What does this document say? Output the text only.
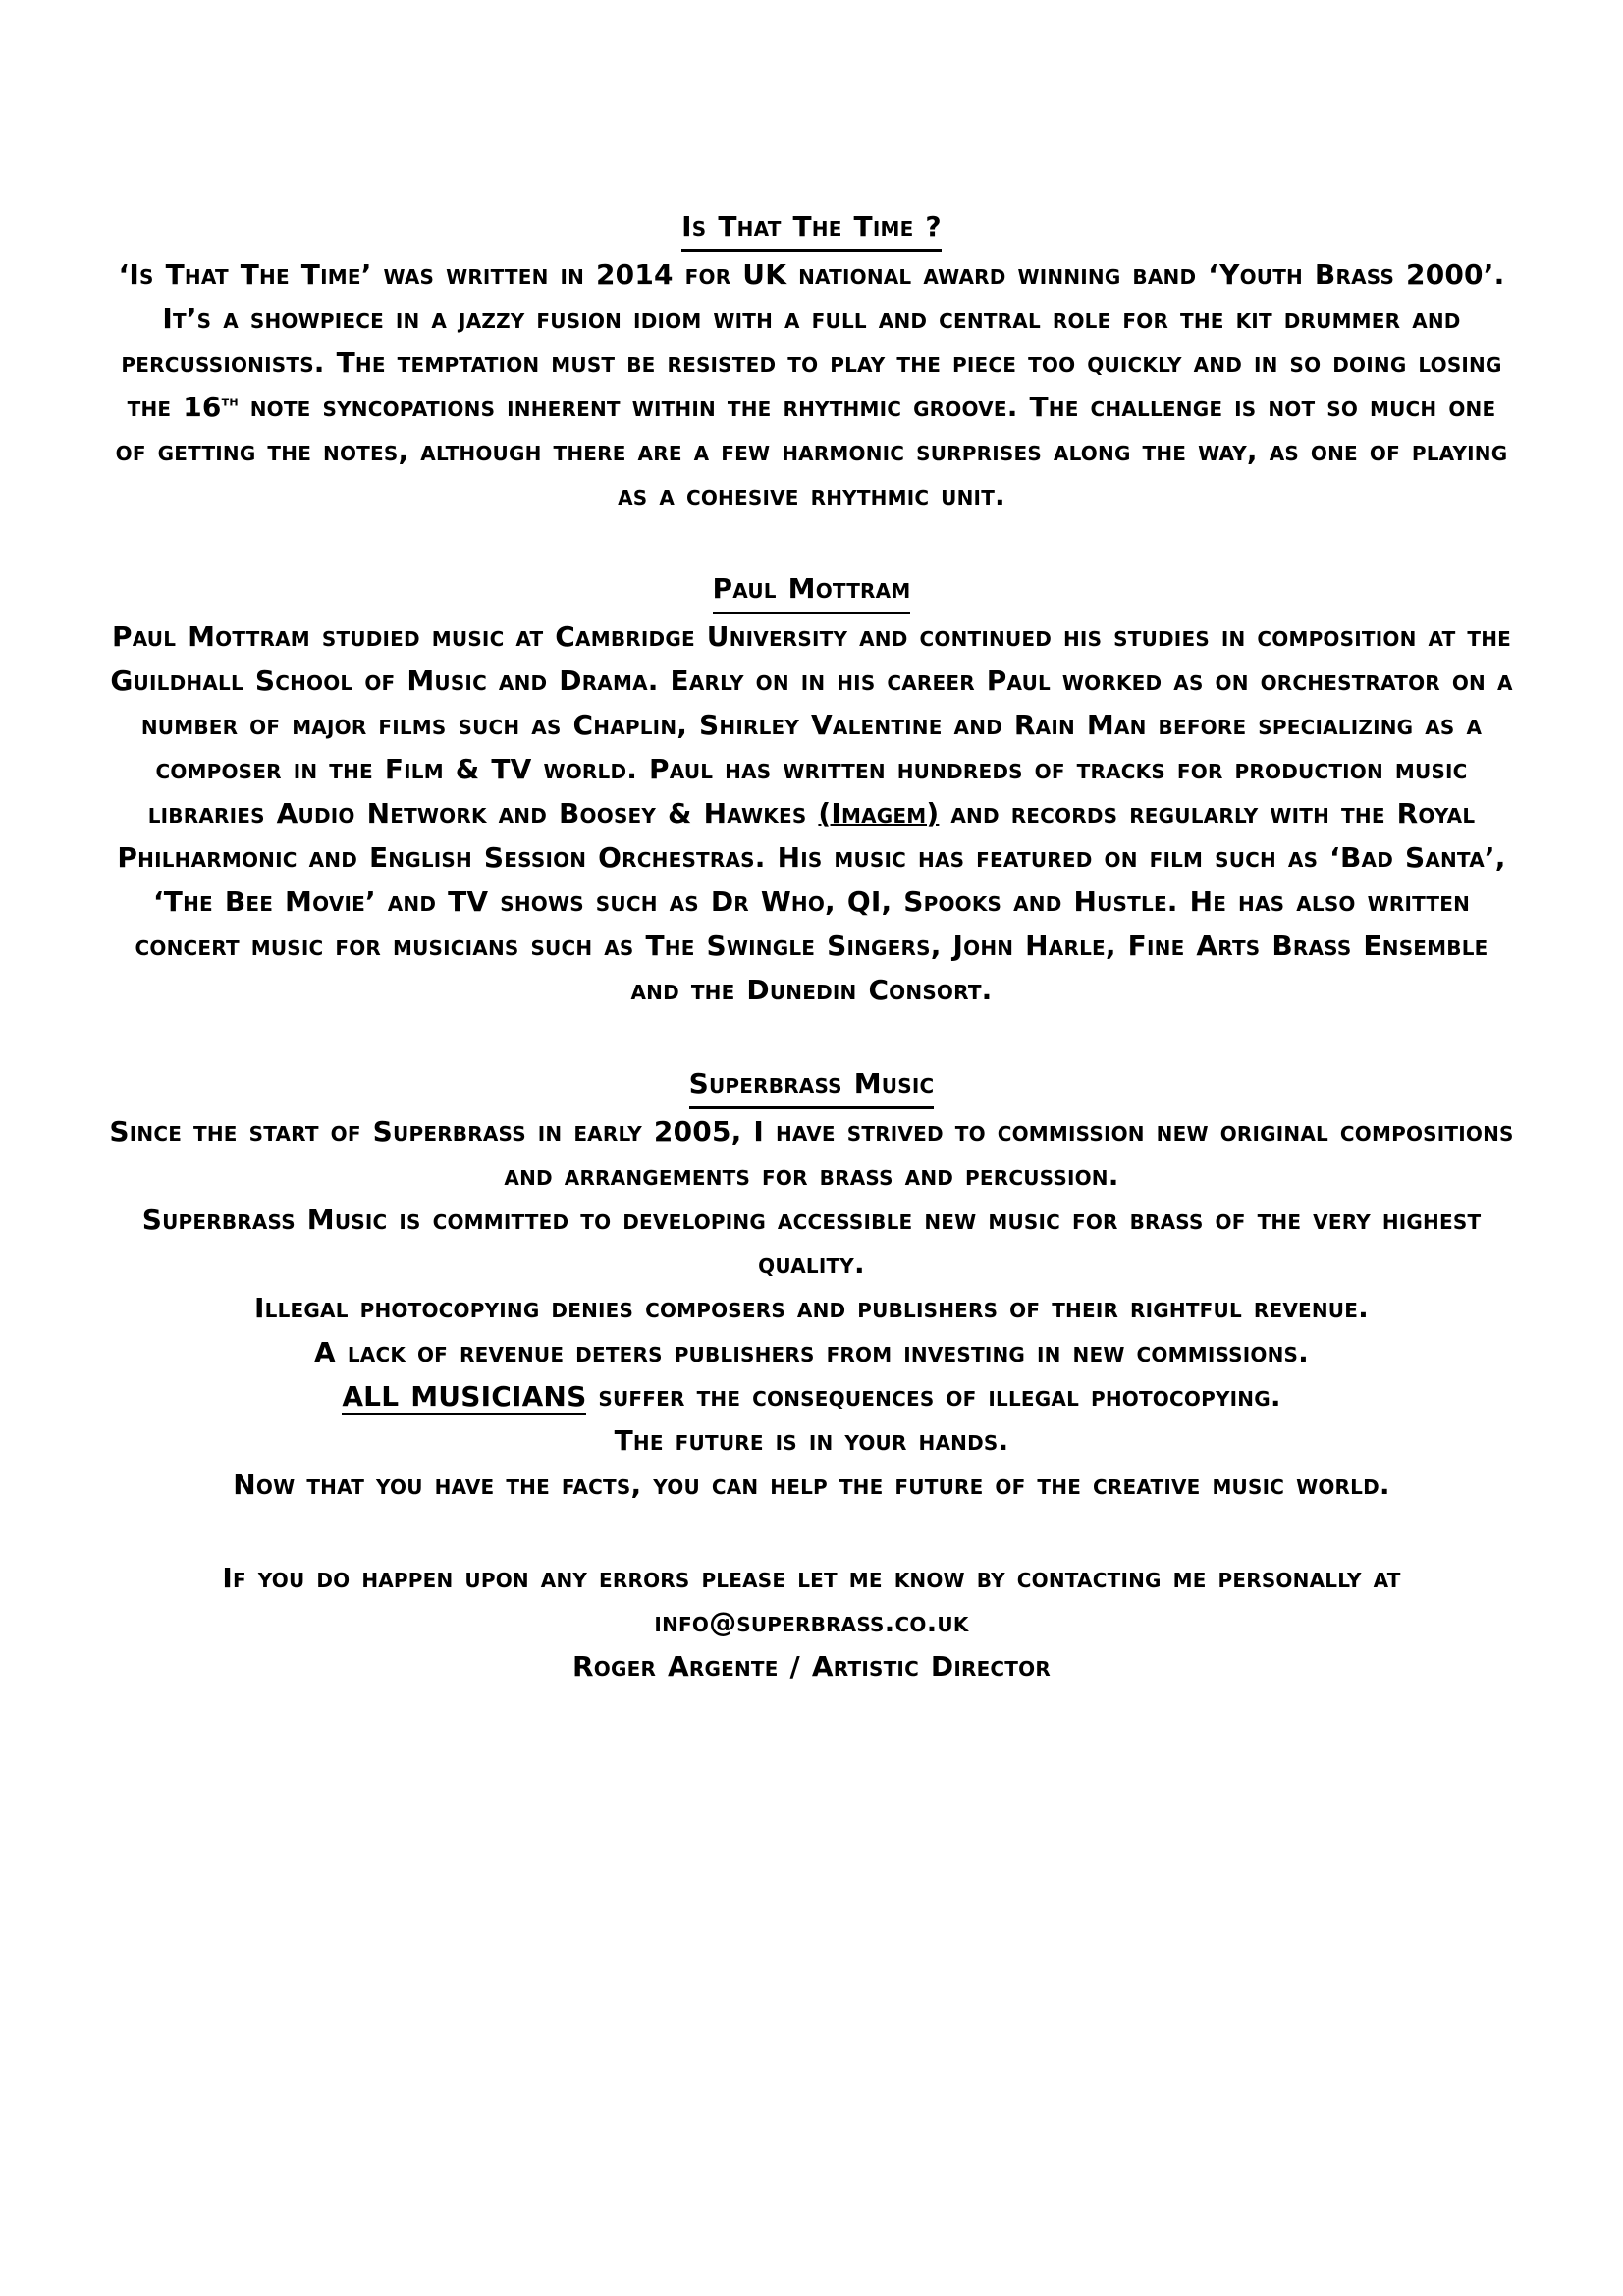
Is That The Time ?
‘Is That The Time’ was written in 2014 for UK national award winning band ‘Youth Brass 2000’. It’s a showpiece in a jazzy fusion idiom with a full and central role for the kit drummer and percussionists. The temptation must be resisted to play the piece too quickly and in so doing losing the 16th note syncopations inherent within the rhythmic groove. The challenge is not so much one of getting the notes, although there are a few harmonic surprises along the way, as one of playing as a cohesive rhythmic unit.
Paul Mottram
Paul Mottram studied music at Cambridge University and continued his studies in composition at the Guildhall School of Music and Drama. Early on in his career Paul worked as on orchestrator on a number of major films such as Chaplin, Shirley Valentine and Rain Man before specializing as a composer in the Film & TV world. Paul has written hundreds of tracks for production music libraries Audio Network and Boosey & Hawkes (Imagem) and records regularly with the Royal Philharmonic and English Session Orchestras. His music has featured on film such as ‘Bad Santa’, ‘The Bee Movie’ and TV shows such as Dr Who, QI, Spooks and Hustle. He has also written concert music for musicians such as The Swingle Singers, John Harle, Fine Arts Brass Ensemble and the Dunedin Consort.
Superbrass Music
Since the start of Superbrass in early 2005, I have strived to commission new original compositions and arrangements for brass and percussion.
Superbrass Music is committed to developing accessible new music for brass of the very highest quality.
Illegal photocopying denies composers and publishers of their rightful revenue.
A lack of revenue deters publishers from investing in new commissions.
ALL MUSICIANS suffer the consequences of illegal photocopying.
The future is in your hands.
Now that you have the facts, you can help the future of the creative music world.
If you do happen upon any errors please let me know by contacting me personally at
info@superbrass.co.uk
Roger Argente / Artistic Director
